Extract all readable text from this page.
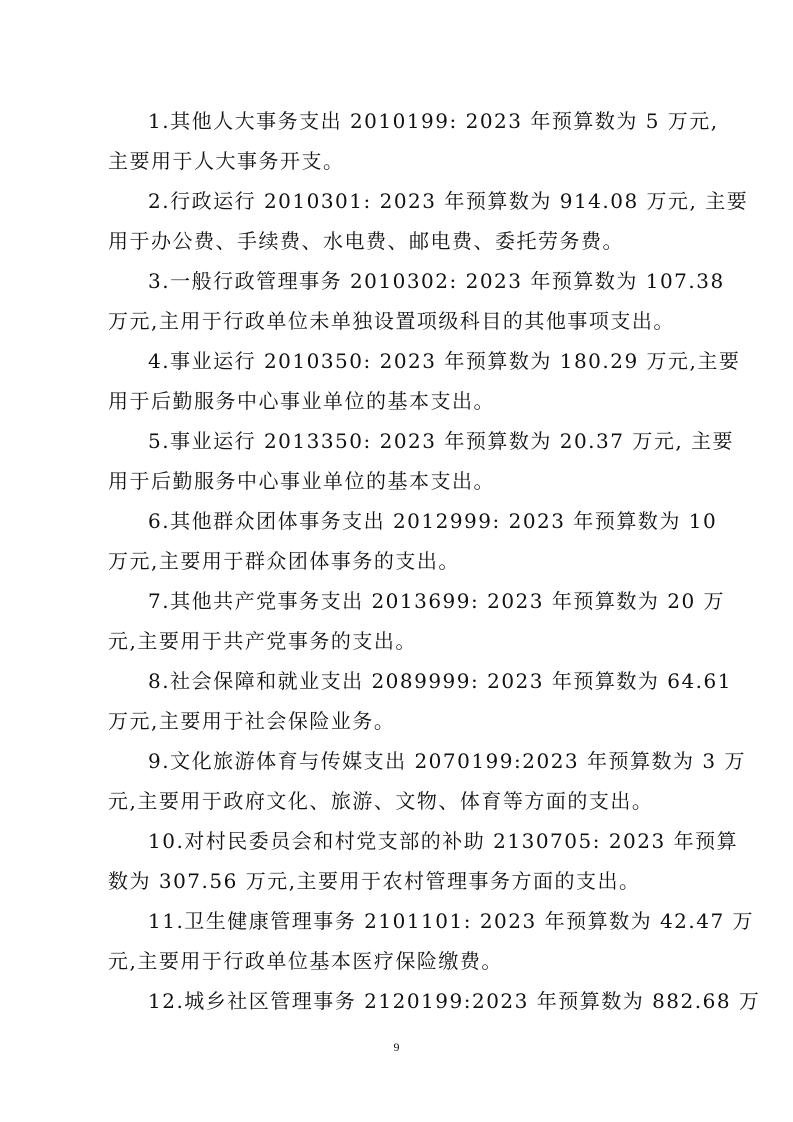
1.其他人大事务支出 2010199: 2023 年预算数为 5 万元,
主要用于人大事务开支。
2.行政运行 2010301: 2023 年预算数为 914.08 万元, 主要
用于办公费、手续费、水电费、邮电费、委托劳务费。
3.一般行政管理事务 2010302: 2023 年预算数为 107.38
万元,主用于行政单位未单独设置项级科目的其他事项支出。
4.事业运行 2010350: 2023 年预算数为 180.29 万元,主要
用于后勤服务中心事业单位的基本支出。
5.事业运行 2013350: 2023 年预算数为 20.37 万元, 主要
用于后勤服务中心事业单位的基本支出。
6.其他群众团体事务支出 2012999: 2023 年预算数为 10
万元,主要用于群众团体事务的支出。
7.其他共产党事务支出 2013699: 2023 年预算数为 20 万
元,主要用于共产党事务的支出。
8.社会保障和就业支出 2089999: 2023 年预算数为 64.61
万元,主要用于社会保险业务。
9.文化旅游体育与传媒支出 2070199:2023 年预算数为 3 万
元,主要用于政府文化、旅游、文物、体育等方面的支出。
10.对村民委员会和村党支部的补助 2130705: 2023 年预算
数为 307.56 万元,主要用于农村管理事务方面的支出。
11.卫生健康管理事务 2101101: 2023 年预算数为 42.47 万
元,主要用于行政单位基本医疗保险缴费。
12.城乡社区管理事务 2120199:2023 年预算数为 882.68 万
9
